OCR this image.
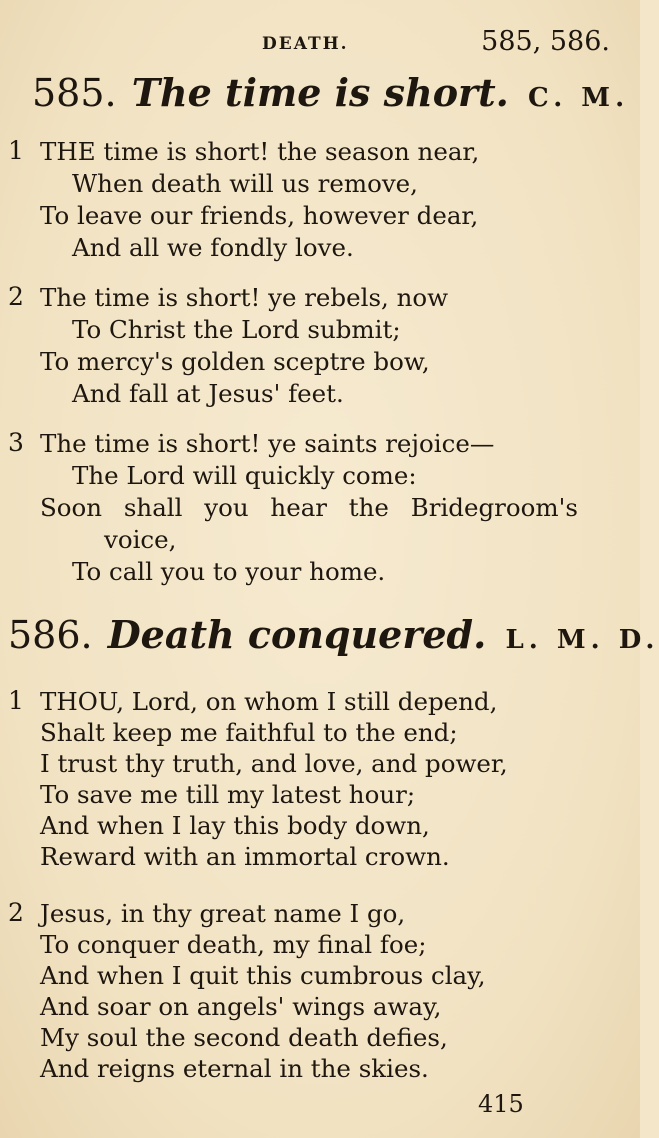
DEATH.	585, 586.
585. The time is short. C. M.
1 THE time is short! the season near,
When death will us remove,
To leave our friends, however dear,
And all we fondly love.
2 The time is short! ye rebels, now
To Christ the Lord submit;
To mercy's golden sceptre bow,
And fall at Jesus' feet.
3 The time is short! ye saints rejoice—
The Lord will quickly come:
Soon shall you hear the Bridegroom's
voice,
To call you to your home.
586. Death conquered. L. M. D.
1 THOU, Lord, on whom I still depend,
Shalt keep me faithful to the end;
I trust thy truth, and love, and power,
To save me till my latest hour;
And when I lay this body down,
Reward with an immortal crown.
2 Jesus, in thy great name I go,
To conquer death, my final foe;
And when I quit this cumbrous clay,
And soar on angels' wings away,
My soul the second death defies,
And reigns eternal in the skies.
415
